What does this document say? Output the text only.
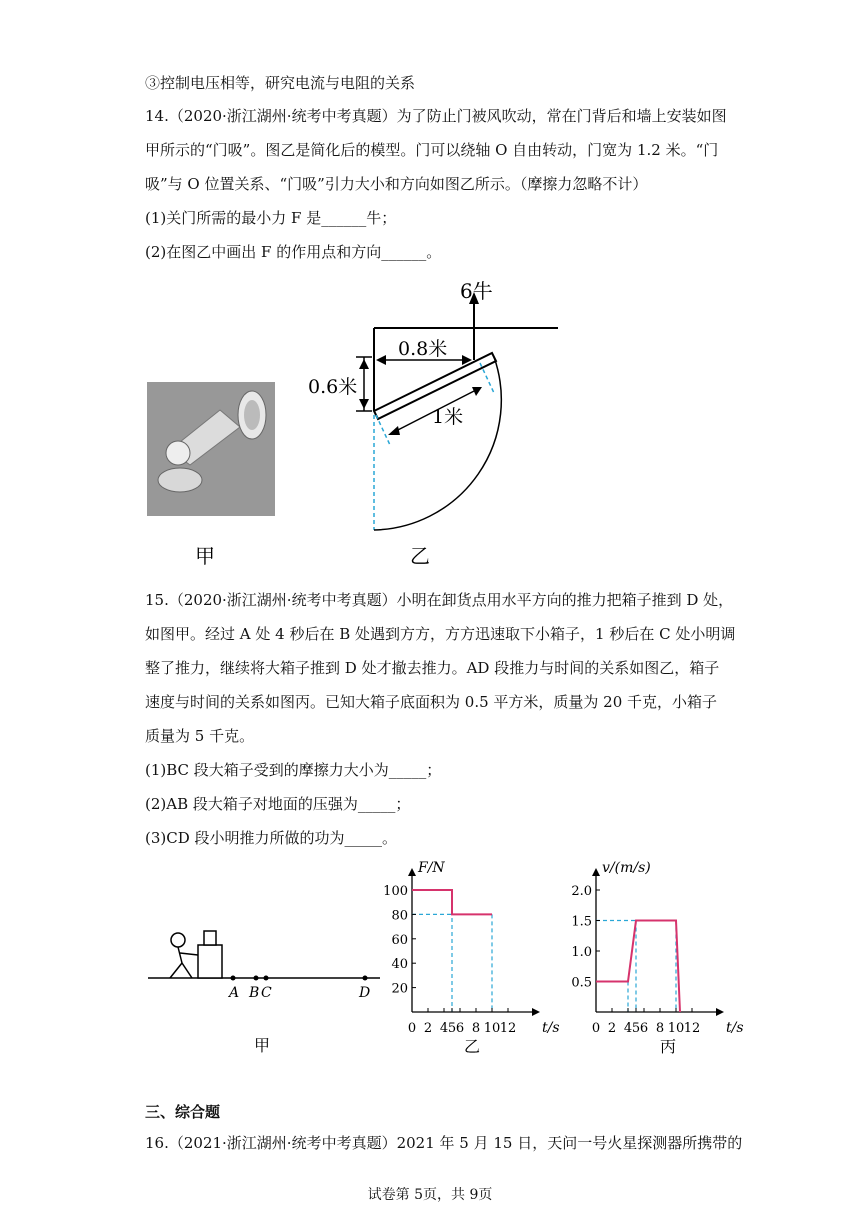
③控制电压相等，研究电流与电阻的关系
14.（2020·浙江湖州·统考中考真题）为了防止门被风吹动，常在门背后和墙上安装如图
甲所示的“门吸”。图乙是简化后的模型。门可以绕轴 O 自由转动，门宽为 1.2 米。“门
吸”与 O 位置关系、“门吸”引力大小和方向如图乙所示。（摩擦力忽略不计）
(1)关门所需的最小力 F 是______牛；
(2)在图乙中画出 F 的作用点和方向______。
甲
6牛
0.8米
0.6米
1米
乙
15.（2020·浙江湖州·统考中考真题）小明在卸货点用水平方向的推力把箱子推到 D 处，
如图甲。经过 A 处 4 秒后在 B 处遇到方方，方方迅速取下小箱子，1 秒后在 C 处小明调
整了推力，继续将大箱子推到 D 处才撤去推力。AD 段推力与时间的关系如图乙，箱子
速度与时间的关系如图丙。已知大箱子底面积为 0.5 平方米，质量为 20 千克，小箱子
质量为 5 千克。
(1)BC 段大箱子受到的摩擦力大小为_____；
(2)AB 段大箱子对地面的压强为_____；
(3)CD 段小明推力所做的功为_____。
A B C	D
甲
F/N
t/s
100
80
60
40
20
0 2 4 5 6 8 10 12
乙
v/(m/s)
t/s
2.0
1.5
1.0
0.5
0 2 4 5 6 8 10 12
丙
三、综合题
16.（2021·浙江湖州·统考中考真题）2021 年 5 月 15 日，天问一号火星探测器所携带的
试卷第 5页，共 9页
